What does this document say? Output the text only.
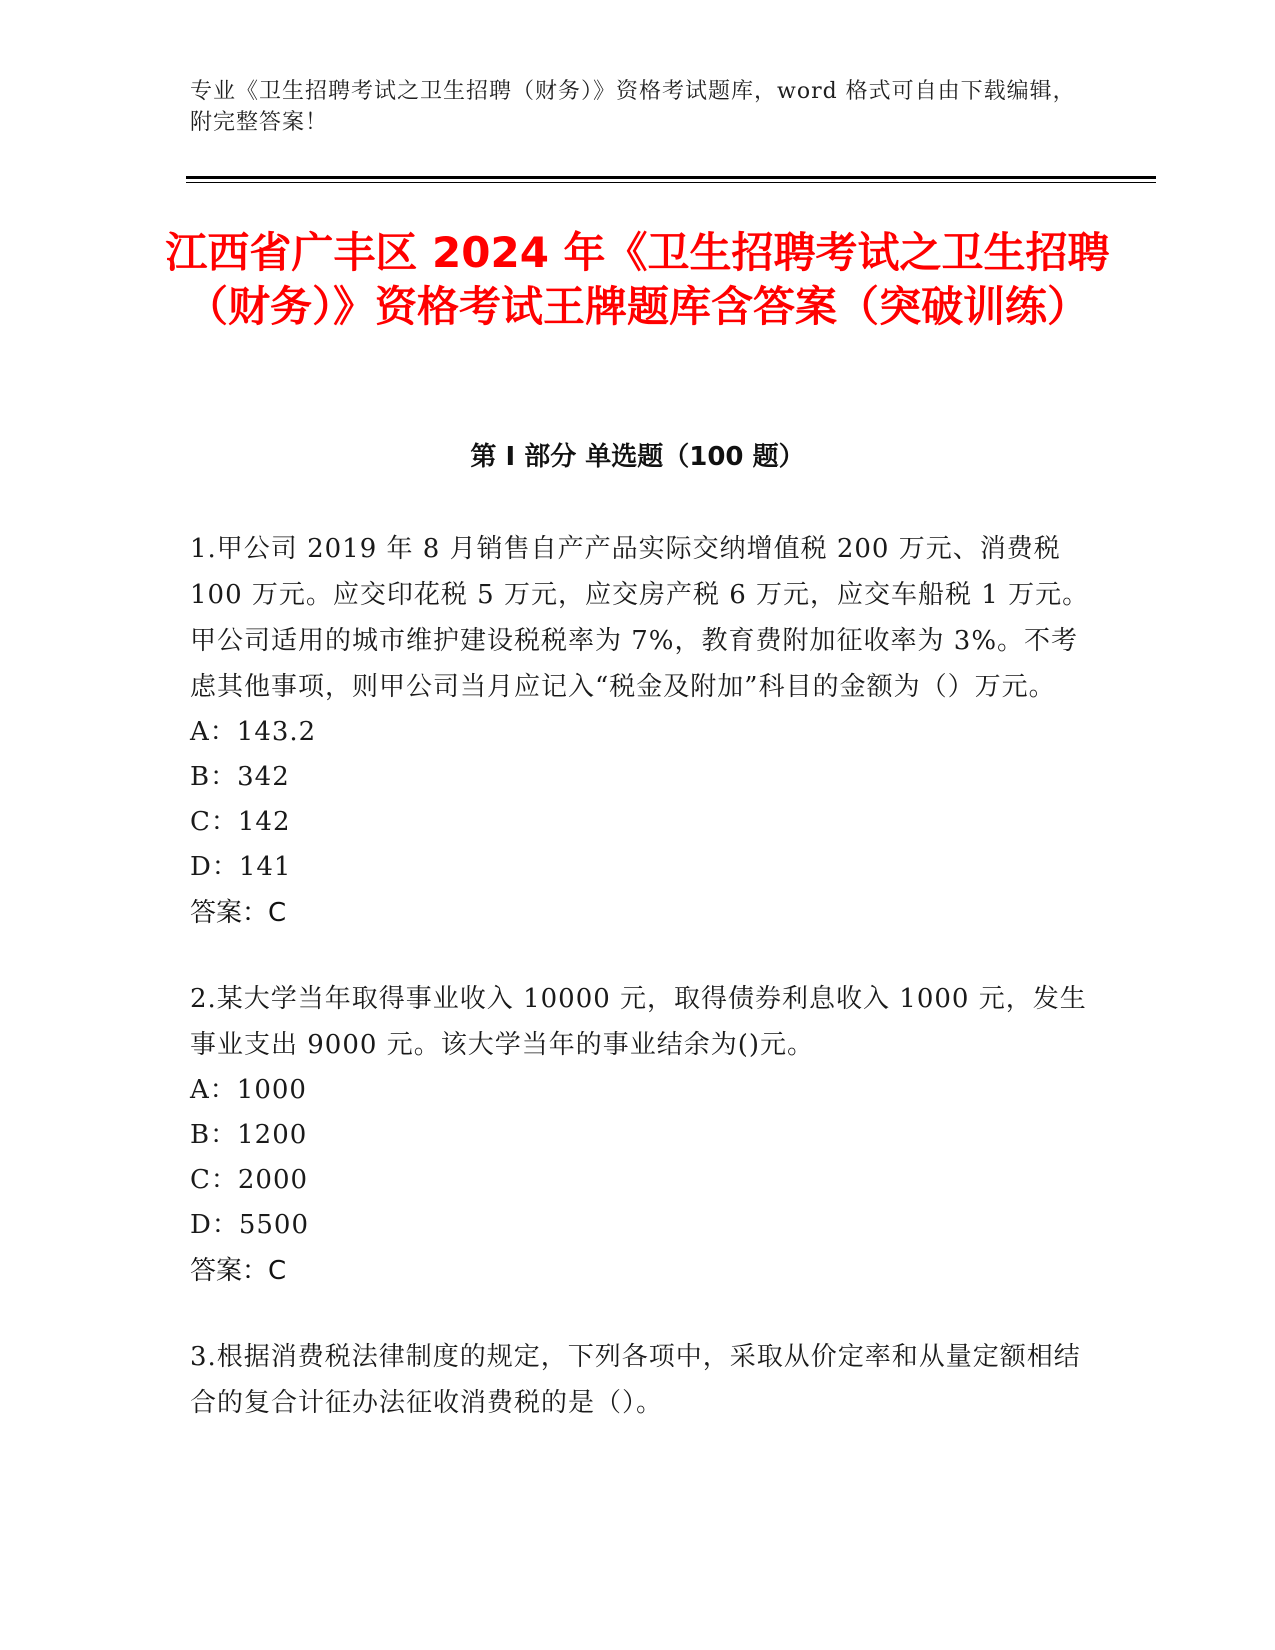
专业《卫生招聘考试之卫生招聘（财务）》资格考试题库，word 格式可自由下载编辑，附完整答案！
江西省广丰区 2024 年《卫生招聘考试之卫生招聘（财务）》资格考试王牌题库含答案（突破训练）
第 I 部分 单选题（100 题）
1.甲公司 2019 年 8 月销售自产产品实际交纳增值税 200 万元、消费税 100 万元。应交印花税 5 万元，应交房产税 6 万元，应交车船税 1 万元。甲公司适用的城市维护建设税税率为 7%，教育费附加征收率为 3%。不考虑其他事项，则甲公司当月应记入“税金及附加”科目的金额为（）万元。
A：143.2
B：342
C：142
D：141
答案：C
2.某大学当年取得事业收入 10000 元，取得债券利息收入 1000 元，发生事业支出 9000 元。该大学当年的事业结余为()元。
A：1000
B：1200
C：2000
D：5500
答案：C
3.根据消费税法律制度的规定，下列各项中，采取从价定率和从量定额相结合的复合计征办法征收消费税的是（）。
